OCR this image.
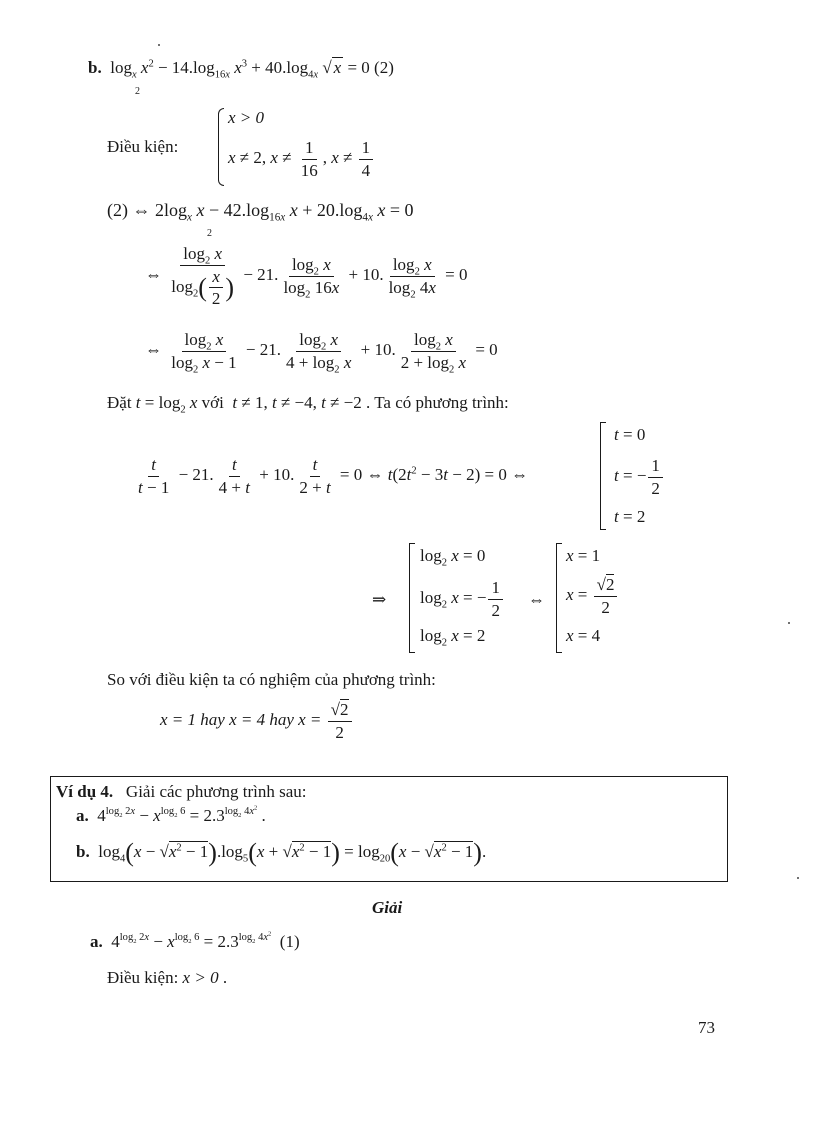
b.  $\log_x x^2 - 14.\log_{16x}$ $x^3 + 40.\log_{4x}$ √ x = 0 (2)
2
Điều kiện:
x > 0
x ≠ 2, $x \ne \frac{1}{16}$ , $x \ne \frac{1}{4}$
(2) ⇔ $2\log_x$ $x - 42.\log_{16x}$ $x + 20.\log_{4x}$ x = 0
2
⇔ $\frac{\log_2 x}{\log_2( \frac{x}{2} )} - 21$. $\frac{\log_2 x}{\log_2 16x} + 10$. $\frac{\log_2 x}{\log_2 4x} = 0$
⇔ $\frac{\log_2 x}{\log_2 x - 1} - 21$. $\frac{\log_2 x}{4 + \log_2 x} + 10$. $\frac{\log_2 x}{2 + \log_2 x} = 0$
Đặt $t = \log_2 x$ với t ≠ 1, t ≠ −4, t ≠ −2 . Ta có phương trình:
$\frac{t}{t - 1} - 21$. $\frac{t}{4 + t} + 10$. $\frac{t}{2 + t} = 0$ ⇔ $t(2t^2 - 3t - 2) = 0$ ⇔
t = 0
t = − $\frac{1}{2}$
t = 2
⇒
$\log_2 x = 0$
$\log_2 x$ = − $\frac{1}{2}$
$\log_2 x = 2$
⇔
x = 1
$x = \frac{√2}{2}$
x = 4
So với điều kiện ta có nghiệm của phương trình:
x = 1 hay x = 4 hay $x = \frac{√2}{2}$
Ví dụ 4. Giải các phương trình sau:
a.  $4^{log_2 2x} - x^{log_2 6} = 2.3^{log_2 4x^2}$ .
b.  $\log_4(x - √x^2 - 1).\log_5(x + √x^2 - 1) = \log_{20}(x - √x^2 - 1)$.
Giải
a.  $4^{log_2 2x} - x^{log_2 6} = 2.3^{log_2 4x^2}$ (1)
Điều kiện: x > 0 .
73
